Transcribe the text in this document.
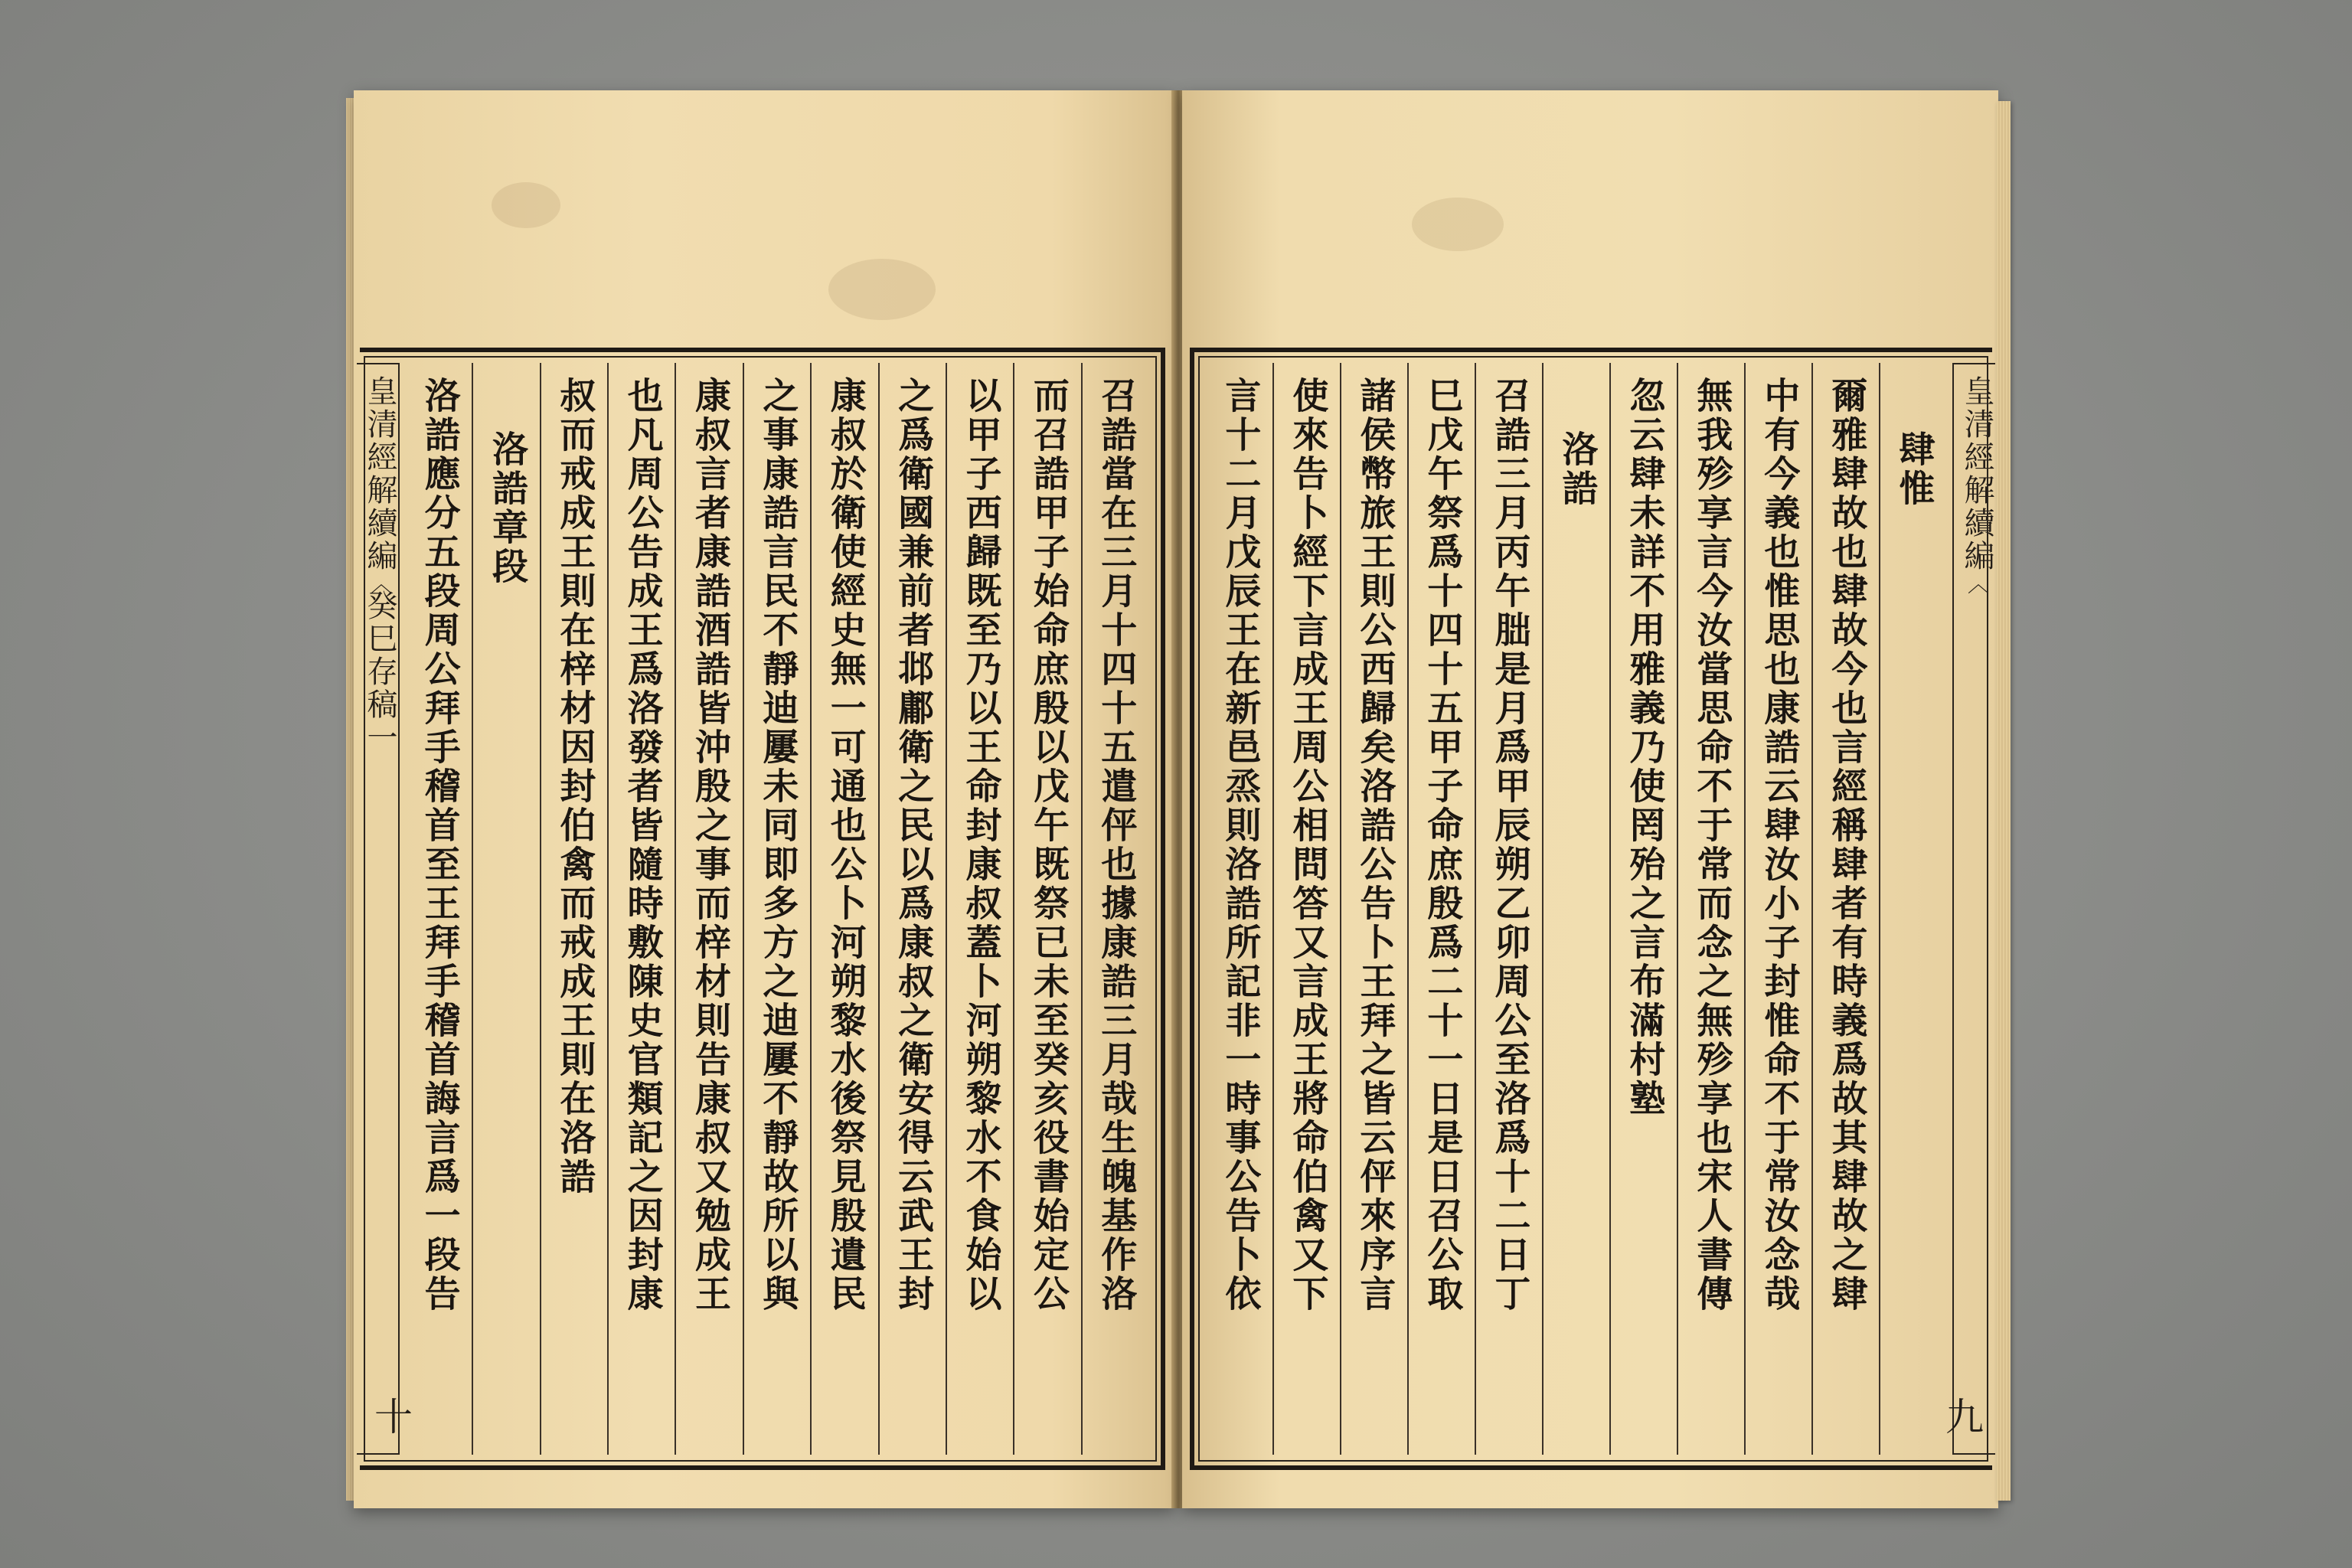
皇清經解續編︿癸巳存稿一
十
召誥當在三月十四十五遣伻也據康誥三月哉生魄基作洛
而召誥甲子始命庶殷以戊午既祭已未至癸亥役書始定公
以甲子西歸既至乃以王命封康叔蓋卜河朔黎水不食始以
之爲衛國兼前者邶鄘衛之民以爲康叔之衛安得云武王封
康叔於衛使經史無一可通也公卜河朔黎水後祭見殷遺民
之事康誥言民不靜迪屢未同即多方之迪屢不靜故所以與
康叔言者康誥酒誥皆沖殷之事而梓材則告康叔又勉成王
也凡周公告成王爲洛發者皆隨時敷陳史官類記之因封康
叔而戒成王則在梓材因封伯禽而戒成王則在洛誥
洛誥章段
洛誥應分五段周公拜手稽首至王拜手稽首誨言爲一段告	皇清經解續編︿
九
肆惟
爾雅肆故也肆故今也言經稱肆者有時義爲故其肆故之肆
中有今義也惟思也康誥云肆汝小子封惟命不于常汝念哉
無我殄享言今汝當思命不于常而念之無殄享也宋人書傳
忽云肆未詳不用雅義乃使罔殆之言布滿村塾
洛誥
召誥三月丙午朏是月爲甲辰朔乙卯周公至洛爲十二日丁
巳戊午祭爲十四十五甲子命庶殷爲二十一日是日召公取
諸侯幣旅王則公西歸矣洛誥公告卜王拜之皆云伻來序言
使來告卜經下言成王周公相問答又言成王將命伯禽又下
言十二月戊辰王在新邑烝則洛誥所記非一時事公告卜依
